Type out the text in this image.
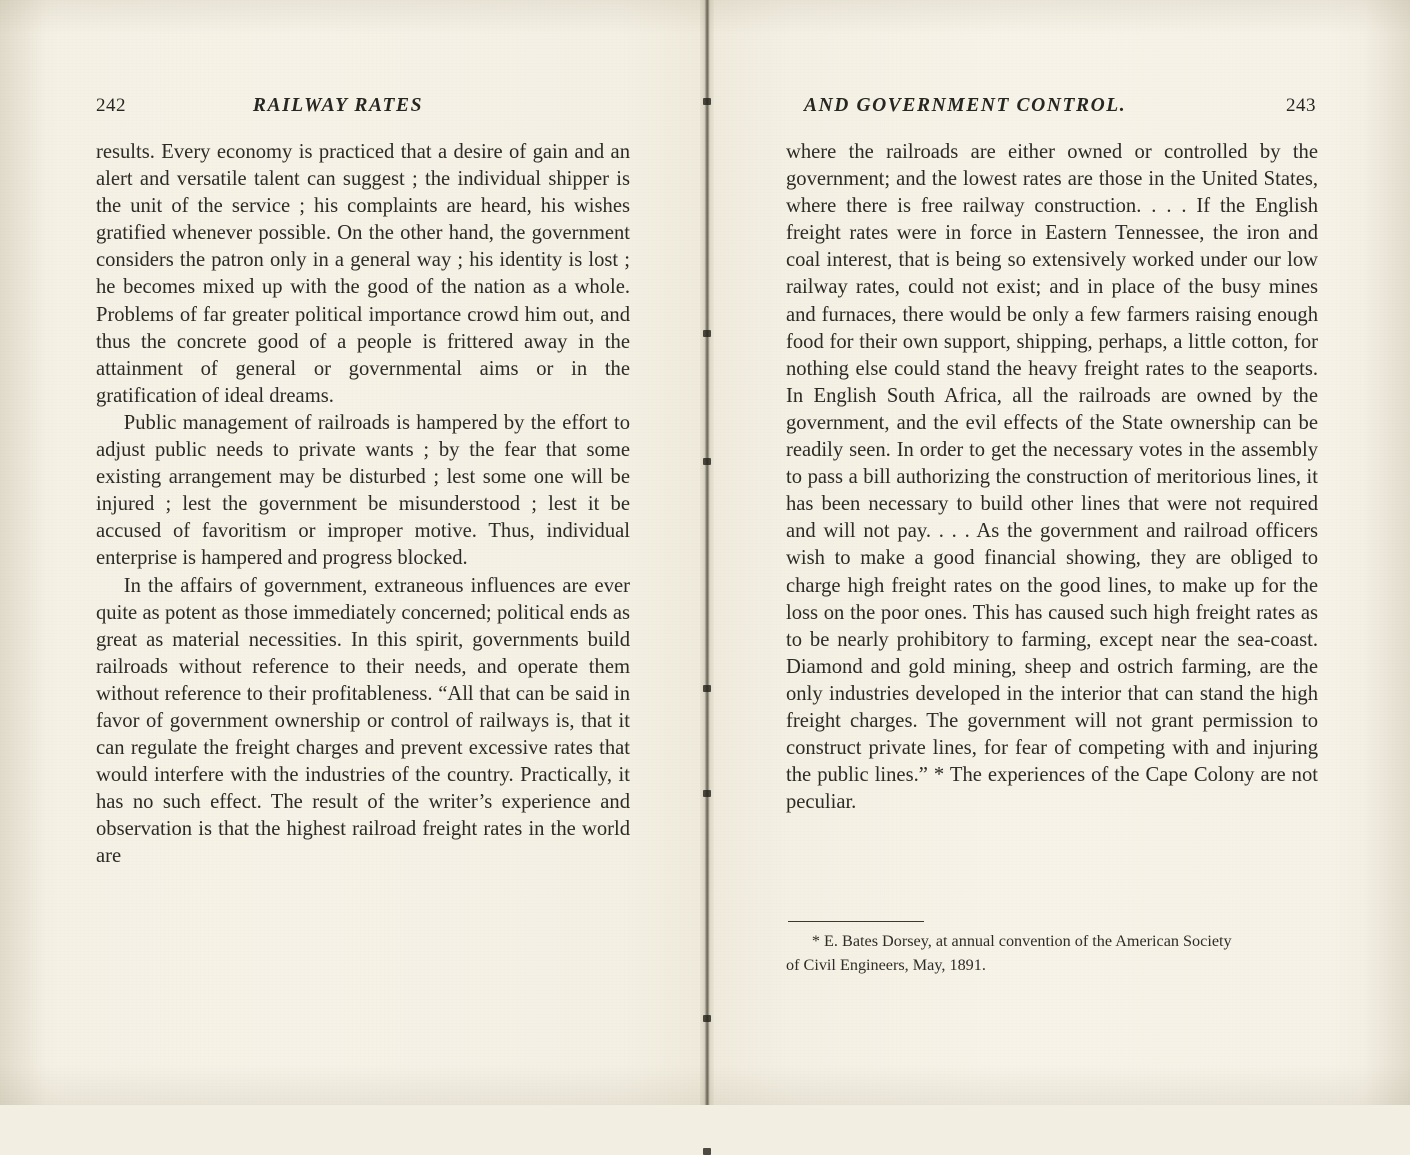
242	RAILWAY RATES

results. Every economy is practiced that a desire of gain and an alert and versatile talent can suggest ; the individual shipper is the unit of the service ; his complaints are heard, his wishes gratified whenever possible. On the other hand, the government considers the patron only in a general way ; his identity is lost ; he becomes mixed up with the good of the nation as a whole. Problems of far greater political importance crowd him out, and thus the concrete good of a people is frittered away in the attainment of general or governmental aims or in the gratification of ideal dreams.

Public management of railroads is hampered by the effort to adjust public needs to private wants ; by the fear that some existing arrangement may be disturbed ; lest some one will be injured ; lest the government be misunderstood ; lest it be accused of favoritism or improper motive. Thus, individual enterprise is hampered and progress blocked.

In the affairs of government, extraneous influences are ever quite as potent as those immediately concerned; political ends as great as material necessities. In this spirit, governments build railroads without reference to their needs, and operate them without reference to their profitableness. “All that can be said in favor of government ownership or control of railways is, that it can regulate the freight charges and prevent excessive rates that would interfere with the industries of the country. Practically, it has no such effect. The result of the writer’s experience and observation is that the highest railroad freight rates in the world are

AND GOVERNMENT CONTROL.	243

where the railroads are either owned or controlled by the government; and the lowest rates are those in the United States, where there is free railway construction. . . . If the English freight rates were in force in Eastern Tennessee, the iron and coal interest, that is being so extensively worked under our low railway rates, could not exist; and in place of the busy mines and furnaces, there would be only a few farmers raising enough food for their own support, shipping, perhaps, a little cotton, for nothing else could stand the heavy freight rates to the seaports. In English South Africa, all the railroads are owned by the government, and the evil effects of the State ownership can be readily seen. In order to get the necessary votes in the assembly to pass a bill authorizing the construction of meritorious lines, it has been necessary to build other lines that were not required and will not pay. . . . As the government and railroad officers wish to make a good financial showing, they are obliged to charge high freight rates on the good lines, to make up for the loss on the poor ones. This has caused such high freight rates as to be nearly prohibitory to farming, except near the sea-coast. Diamond and gold mining, sheep and ostrich farming, are the only industries developed in the interior that can stand the high freight charges. The government will not grant permission to construct private lines, for fear of competing with and injuring the public lines.” * The experiences of the Cape Colony are not peculiar.

* E. Bates Dorsey, at annual convention of the American Society

of Civil Engineers, May, 1891.
